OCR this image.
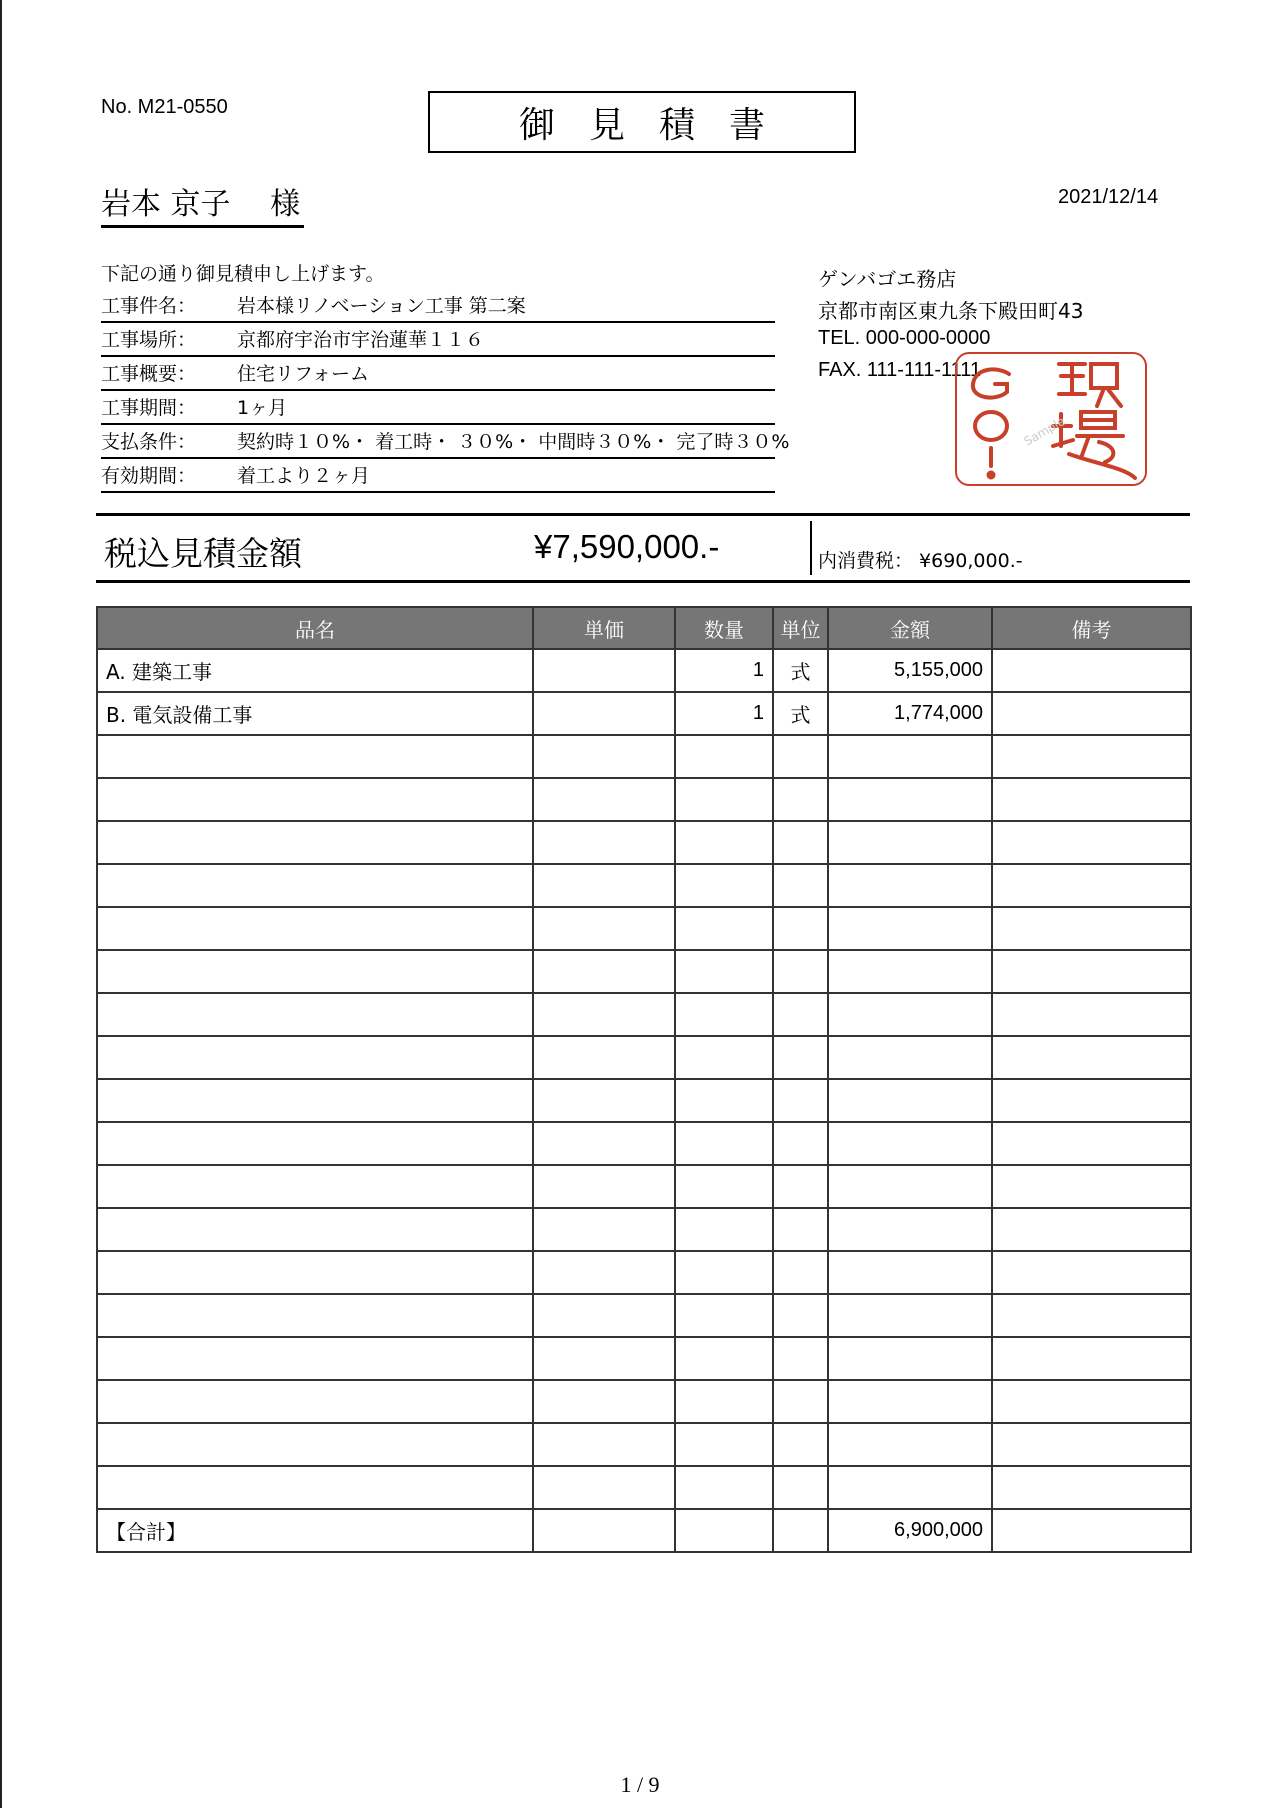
No. M21-0550	御見積書
2021/12/14
岩本 京子　 様
下記の通り御見積申し上げます。
工事件名： 岩本様リノベーション工事 第二案
工事場所： 京都府宇治市宇治蓮華１１６
工事概要： 住宅リフォーム
工事期間： 1ヶ月
支払条件： 契約時１０%・ 着工時・ ３０%・ 中間時３０%・ 完了時３０%
有効期間： 着工より２ヶ月
ゲンバゴエ務店
京都市南区東九条下殿田町43
TEL. 000-000-0000
FAX. 111-111-1111
Sample
税込見積金額	¥7,590,000.-	内消費税： ¥690,000.-
品名	単価	数量	単位	金額	備考
A. 建築工事		1	式	5,155,000	
B. 電気設備工事		1	式	1,774,000	

【合計】				6,900,000	
1 / 9
